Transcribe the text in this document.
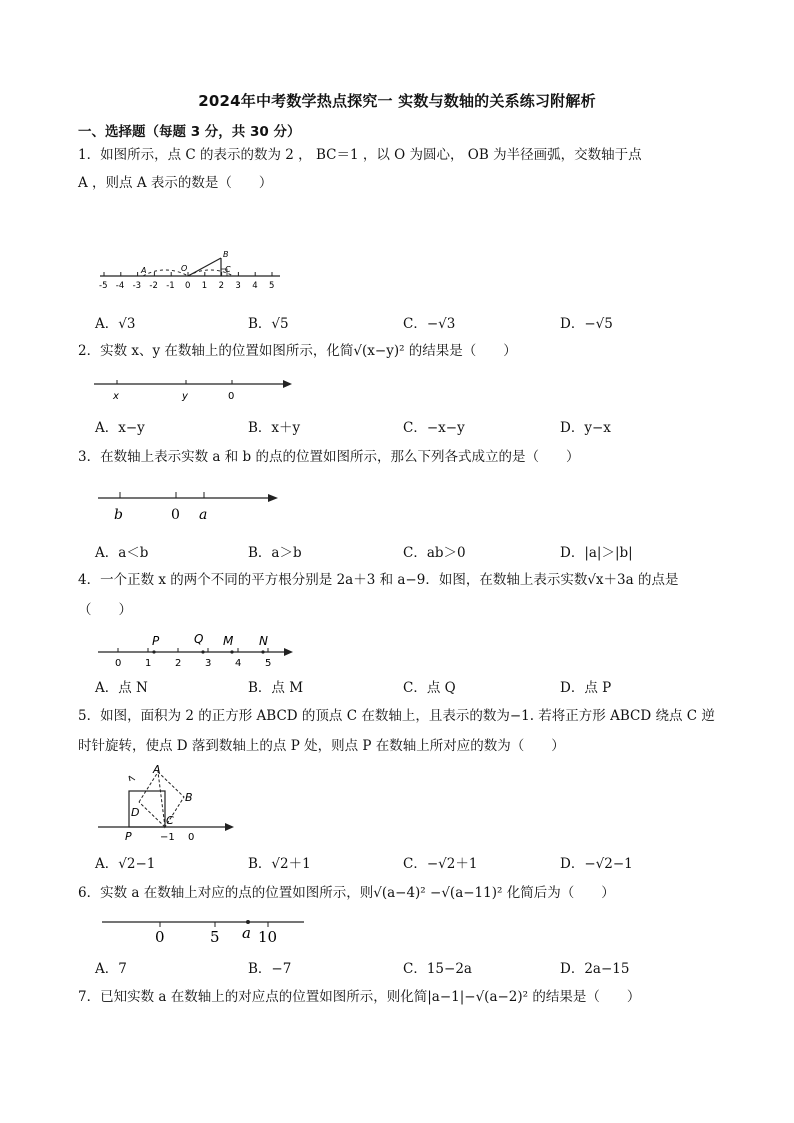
2024年中考数学热点探究一 实数与数轴的关系练习附解析
一、选择题（每题 3 分，共 30 分）
1．如图所示，点 C 的表示的数为 2 ， BC＝1 ，以 O 为圆心， OB 为半径画弧，交数轴于点
A ，则点 A 表示的数是（　　）
-5 -4 -3 -2 -1 0 1 2 3 4 5
A	O
B
C
A．√3	B．√5	C．−√3	D．−√5
2．实数 x、y 在数轴上的位置如图所示，化简√(x−y)² 的结果是（　　）
x	y	0
A．x−y	B．x＋y	C．−x−y	D．y−x
3．在数轴上表示实数 a 和 b 的点的位置如图所示，那么下列各式成立的是（　　）
b	0 a
A．a＜b	B．a＞b	C．ab＞0	D．|a|＞|b|
4．一个正数 x 的两个不同的平方根分别是 2a＋3 和 a−9．如图，在数轴上表示实数√x＋3a 的点是
（　　）
0 1 2 3 4 5
P	Q M N
A．点 N	B．点 M	C．点 Q	D．点 P
5．如图，面积为 2 的正方形 ABCD 的顶点 C 在数轴上，且表示的数为−1. 若将正方形 ABCD 绕点 C 逆
时针旋转，使点 D 落到数轴上的点 P 处，则点 P 在数轴上所对应的数为（　　）
A
B
D
C
P	−1 0
A．√2−1	B．√2＋1	C．−√2＋1	D．−√2−1
6．实数 a 在数轴上对应的点的位置如图所示，则√(a−4)² −√(a−11)² 化简后为（　　）
0	5 a 10
A．7	B．−7	C．15−2a	D．2a−15
7．已知实数 a 在数轴上的对应点的位置如图所示，则化简|a−1|−√(a−2)² 的结果是（　　）
